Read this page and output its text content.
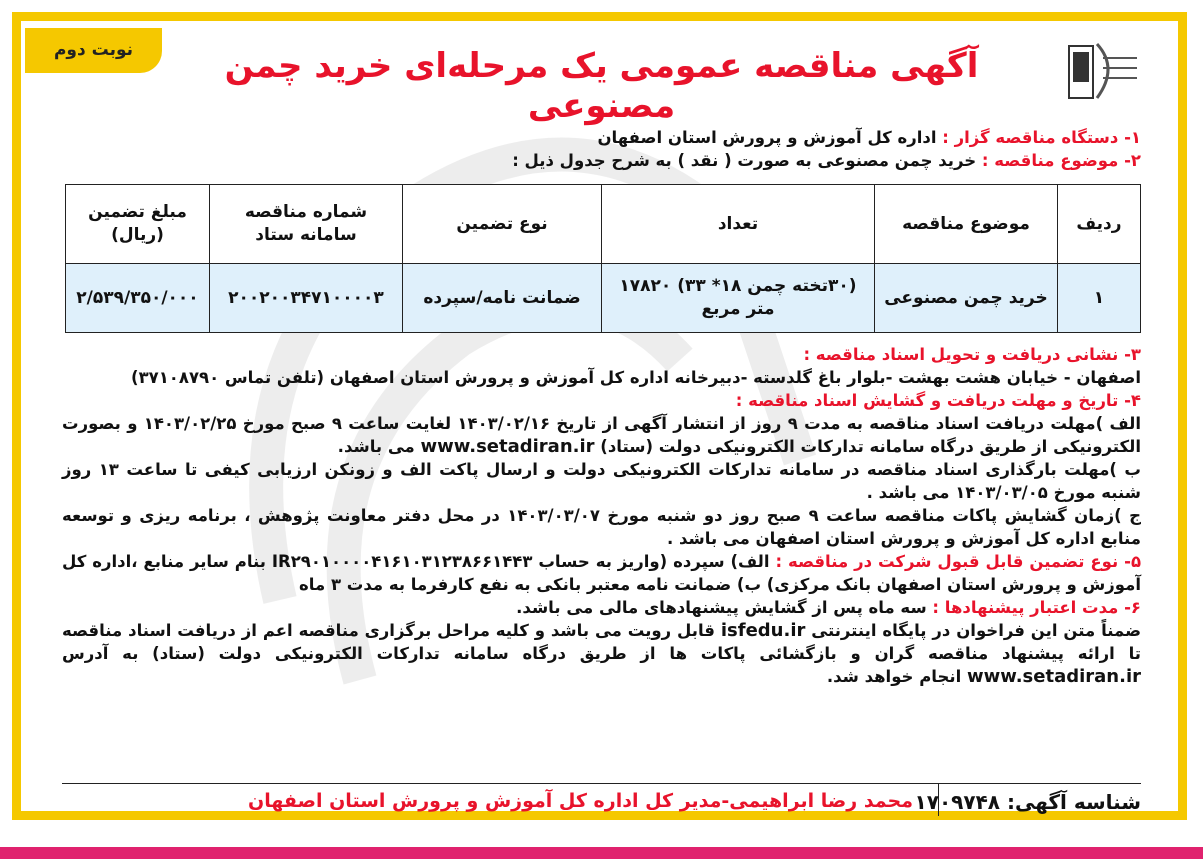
نوبت دوم	آگهی مناقصه عمومی یک مرحله‌ای خرید چمن مصنوعی
۱- دستگاه مناقصه گزار : اداره کل آموزش و پرورش استان اصفهان
۲- موضوع مناقصه : خرید چمن مصنوعی به صورت ( نقد ) به شرح جدول ذیل :
ردیف	موضوع مناقصه	تعداد	نوع تضمین	شماره مناقصه سامانه ستاد	مبلغ تضمین (ریال)
۱	خرید چمن مصنوعی	(۳۰تخته چمن ۱۸* ۳۳) ۱۷۸۲۰ متر مربع	ضمانت نامه/سپرده	۲۰۰۲۰۰۳۴۷۱۰۰۰۰۳	۲/۵۳۹/۳۵۰/۰۰۰
۳- نشانی دریافت و تحویل اسناد مناقصه :
اصفهان - خیابان هشت بهشت -بلوار باغ گلدسته -دبیرخانه اداره کل آموزش و پرورش استان اصفهان (تلفن تماس ۳۷۱۰۸۷۹۰)
۴- تاریخ و مهلت دریافت و گشایش اسناد مناقصه :
الف )مهلت دریافت اسناد مناقصه به مدت ۹ روز از انتشار آگهی از تاریخ ۱۴۰۳/۰۲/۱۶ لغایت ساعت ۹ صبح مورخ ۱۴۰۳/۰۲/۲۵ و بصورت الکترونیکی از طریق درگاه سامانه تدارکات الکترونیکی دولت (ستاد) www.setadiran.ir می باشد.
ب )مهلت بارگذاری اسناد مناقصه در سامانه تدارکات الکترونیکی دولت و ارسال پاکت الف و زونکن ارزیابی کیفی تا ساعت ۱۳ روز شنبه مورخ ۱۴۰۳/۰۳/۰۵ می باشد .
ج )زمان گشایش پاکات مناقصه ساعت ۹ صبح روز دو شنبه مورخ ۱۴۰۳/۰۳/۰۷ در محل دفتر معاونت پژوهش ، برنامه ریزی و توسعه منابع اداره کل آموزش و پرورش استان اصفهان می باشد .
۵- نوع تضمین قابل قبول شرکت در مناقصه : الف) سپرده (واریز به حساب IR۲۹۰۱۰۰۰۰۴۱۶۱۰۳۱۲۳۸۶۶۱۴۴۳ بنام سایر منابع ،اداره کل آموزش و پرورش استان اصفهان بانک مرکزی) ب) ضمانت نامه معتبر بانکی به نفع کارفرما به مدت ۳ ماه
۶- مدت اعتبار پیشنهادها : سه ماه پس از گشایش پیشنهادهای مالی می باشد.
ضمناً متن این فراخوان در پایگاه اینترنتی isfedu.ir قابل رویت می باشد و کلیه مراحل برگزاری مناقصه اعم از دریافت اسناد مناقصه تا ارائه پیشنهاد مناقصه گران و بازگشائی پاکات ها از طریق درگاه سامانه تدارکات الکترونیکی دولت (ستاد) به آدرس www.setadiran.ir انجام خواهد شد.
شناسه آگهی: ۱۷۰۹۷۴۸
محمد رضا ابراهیمی-مدیر کل اداره کل آموزش و پرورش استان اصفهان
